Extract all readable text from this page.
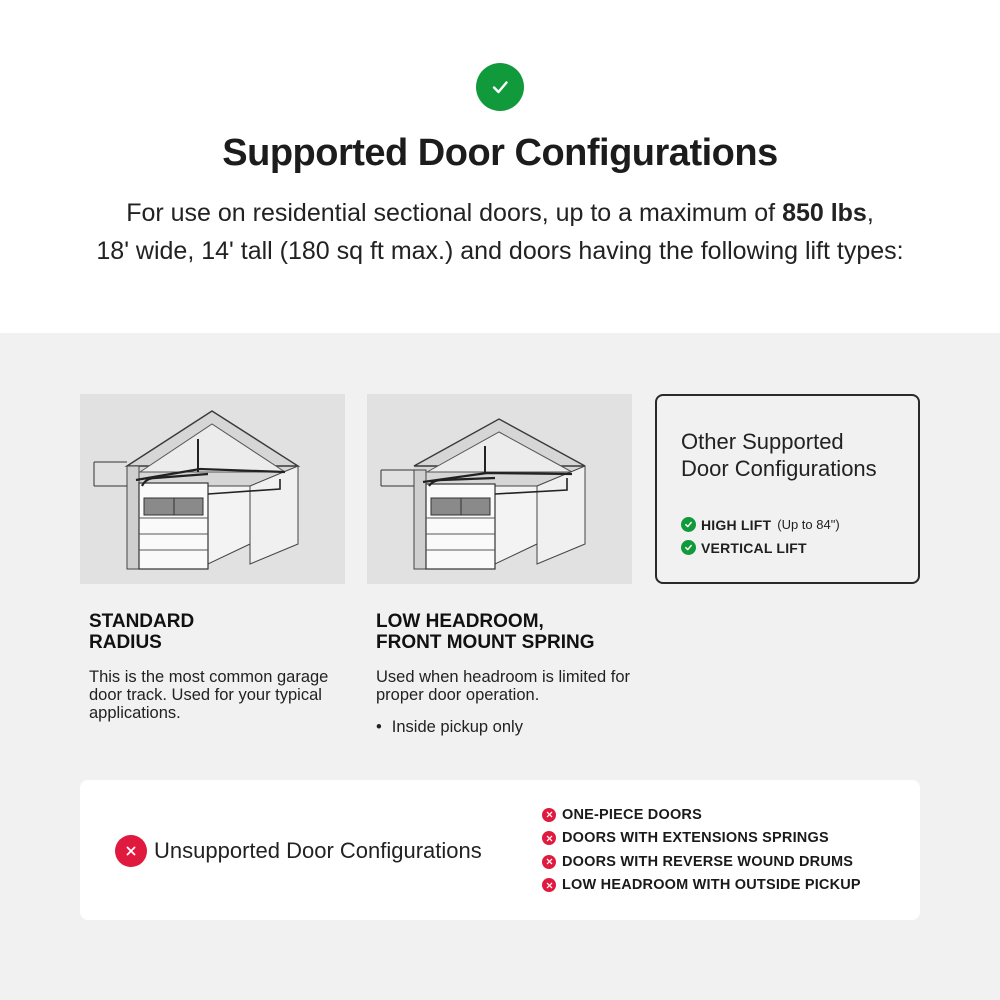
Supported Door Configurations
For use on residential sectional doors, up to a maximum of 850 lbs,
18' wide, 14' tall (180 sq ft max.) and doors having the following lift types:
Other Supported
Door Configurations
HIGH LIFT (Up to 84")
VERTICAL LIFT
STANDARD
RADIUS
This is the most common garage door track. Used for your typical applications.
LOW HEADROOM,
FRONT MOUNT SPRING
Used when headroom is limited for proper door operation.
• Inside pickup only
Unsupported Door Configurations
ONE-PIECE DOORS
DOORS WITH EXTENSIONS SPRINGS
DOORS WITH REVERSE WOUND DRUMS
LOW HEADROOM WITH OUTSIDE PICKUP
